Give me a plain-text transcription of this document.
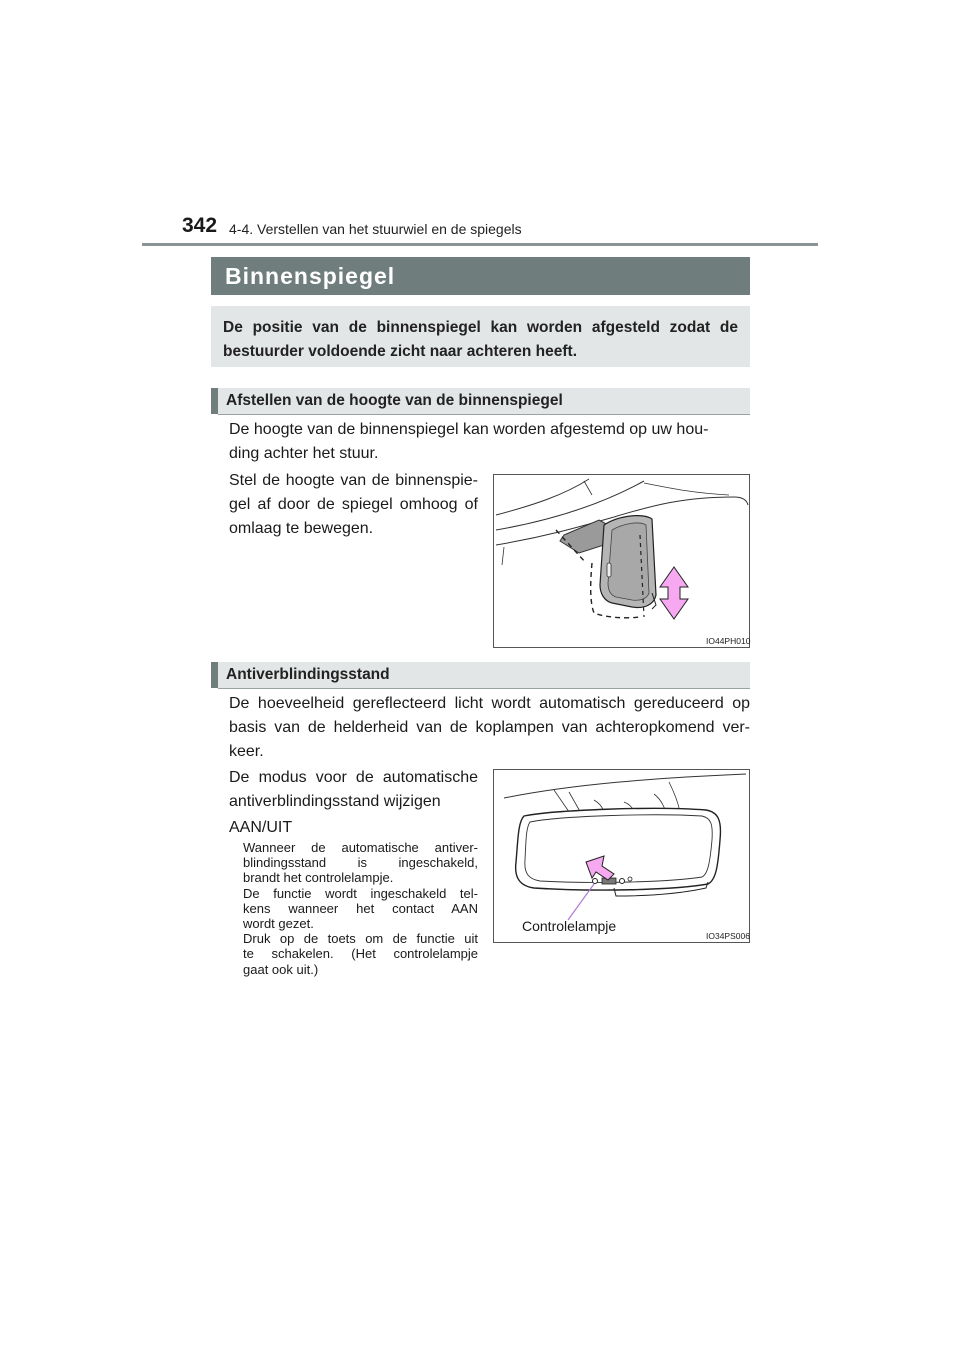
342 4-4. Verstellen van het stuurwiel en de spiegels
Binnenspiegel
De positie van de binnenspiegel kan worden afgesteld zodat de bestuurder voldoende zicht naar achteren heeft.
Afstellen van de hoogte van de binnenspiegel
De hoogte van de binnenspiegel kan worden afgestemd op uw hou-
ding achter het stuur.
Stel de hoogte van de binnenspie-
gel af door de spiegel omhoog of
omlaag te bewegen.
IO44PH010
Antiverblindingsstand
De hoeveelheid gereflecteerd licht wordt automatisch gereduceerd op
basis van de helderheid van de koplampen van achteropkomend ver-
keer.
De modus voor de automatische
antiverblindingsstand wijzigen
AAN/UIT
Wanneer de automatische antiver-
blindingsstand is ingeschakeld,
brandt het controlelampje.
De functie wordt ingeschakeld tel-
kens wanneer het contact AAN
wordt gezet.
Druk op de toets om de functie uit
te schakelen. (Het controlelampje
gaat ook uit.)
Controlelampje
IO34PS006
